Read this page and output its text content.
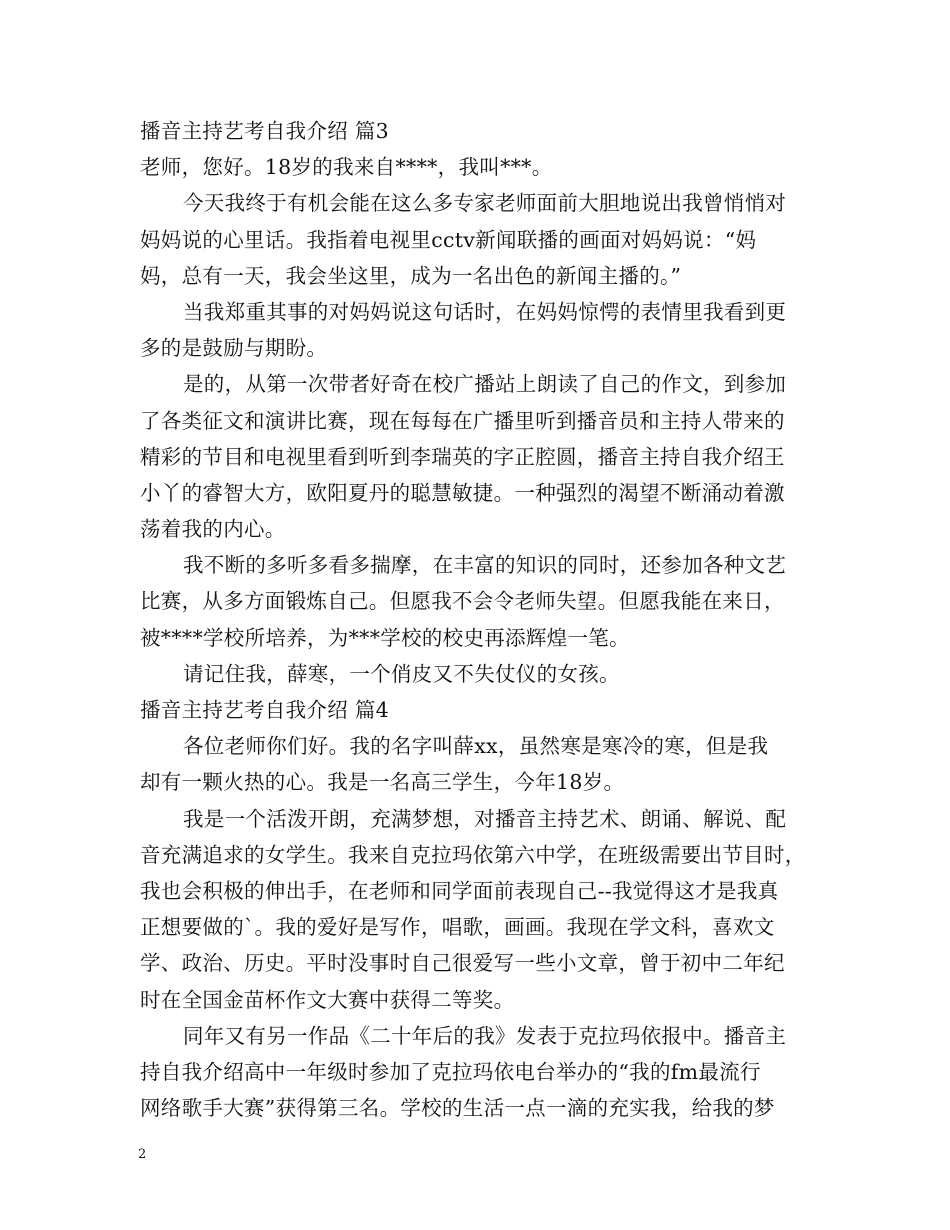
播音主持艺考自我介绍 篇3
老师，您好。18岁的我来自****，我叫***。
今天我终于有机会能在这么多专家老师面前大胆地说出我曾悄悄对
妈妈说的心里话。我指着电视里cctv新闻联播的画面对妈妈说：“妈
妈，总有一天，我会坐这里，成为一名出色的新闻主播的。”
当我郑重其事的对妈妈说这句话时，在妈妈惊愕的表情里我看到更
多的是鼓励与期盼。
是的，从第一次带者好奇在校广播站上朗读了自己的作文，到参加
了各类征文和演讲比赛，现在每每在广播里听到播音员和主持人带来的
精彩的节目和电视里看到听到李瑞英的字正腔圆，播音主持自我介绍王
小丫的睿智大方，欧阳夏丹的聪慧敏捷。一种强烈的渴望不断涌动着激
荡着我的内心。
我不断的多听多看多揣摩，在丰富的知识的同时，还参加各种文艺
比赛，从多方面锻炼自己。但愿我不会令老师失望。但愿我能在来日，
被****学校所培养，为***学校的校史再添辉煌一笔。
请记住我，薛寒，一个俏皮又不失仗仪的女孩。
播音主持艺考自我介绍 篇4
各位老师你们好。我的名字叫薛xx，虽然寒是寒冷的寒，但是我
却有一颗火热的心。我是一名高三学生，今年18岁。
我是一个活泼开朗，充满梦想，对播音主持艺术、朗诵、解说、配
音充满追求的女学生。我来自克拉玛依第六中学，在班级需要出节目时，
我也会积极的伸出手，在老师和同学面前表现自己--我觉得这才是我真
正想要做的`。我的爱好是写作，唱歌，画画。我现在学文科，喜欢文
学、政治、历史。平时没事时自己很爱写一些小文章，曾于初中二年纪
时在全国金苗杯作文大赛中获得二等奖。
同年又有另一作品《二十年后的我》发表于克拉玛依报中。播音主
持自我介绍高中一年级时参加了克拉玛依电台举办的“我的fm最流行
网络歌手大赛”获得第三名。学校的生活一点一滴的充实我，给我的梦
2
